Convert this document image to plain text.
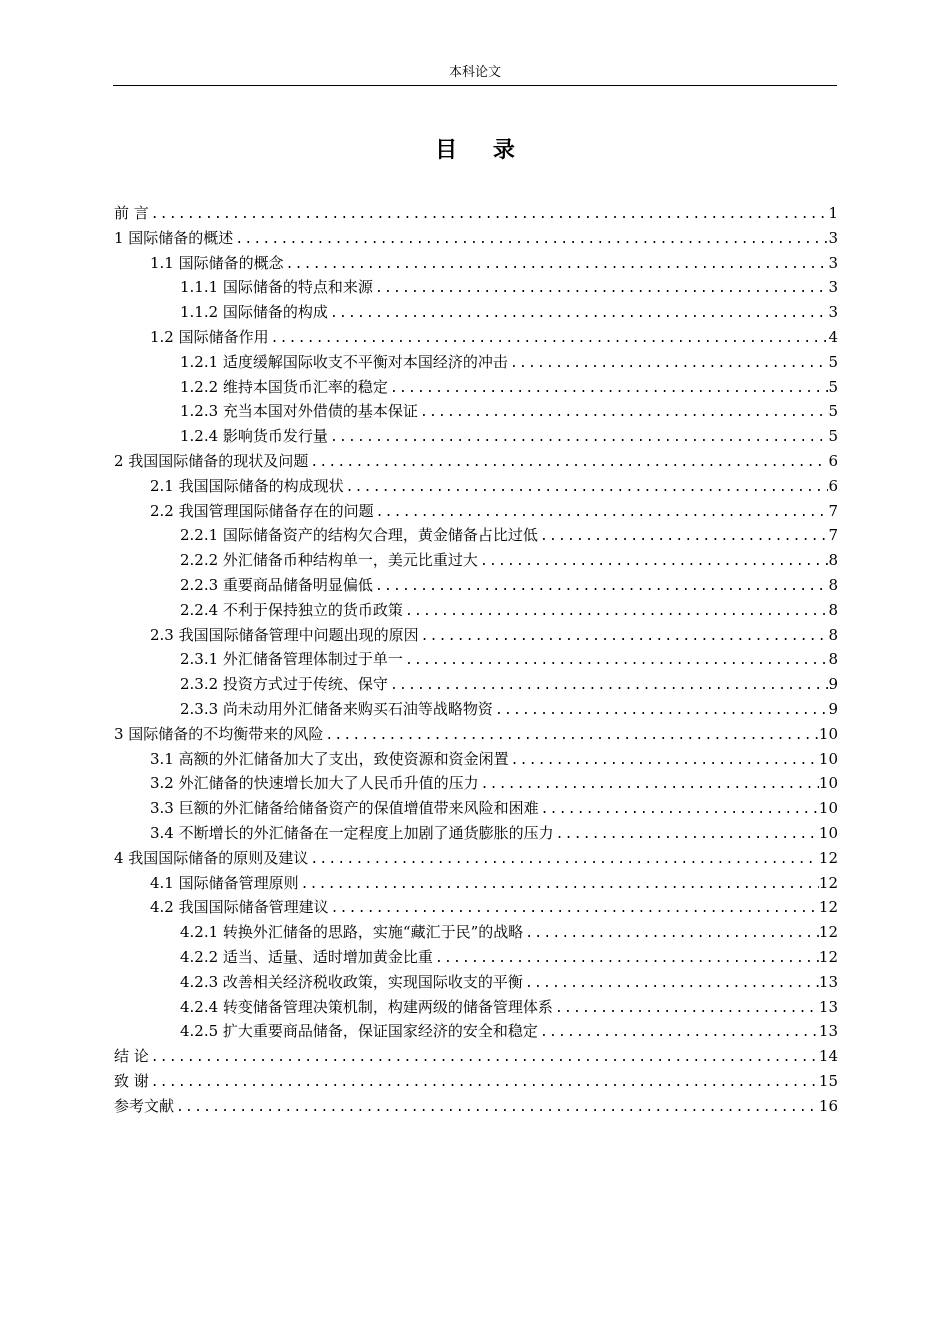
本科论文
目 录
前 言 .....	1
1 国际储备的概述 .....	3
1.1 国际储备的概念 .....	3
1.1.1 国际储备的特点和来源 .....	3
1.1.2 国际储备的构成 .....	3
1.2 国际储备作用 .....	4
1.2.1 适度缓解国际收支不平衡对本国经济的冲击 .....	5
1.2.2 维持本国货币汇率的稳定 .....	5
1.2.3 充当本国对外借债的基本保证 .....	5
1.2.4 影响货币发行量 .....	5
2 我国国际储备的现状及问题 .....	6
2.1 我国国际储备的构成现状 .....	6
2.2 我国管理国际储备存在的问题 .....	7
2.2.1 国际储备资产的结构欠合理，黄金储备占比过低 .....	7
2.2.2 外汇储备币种结构单一，美元比重过大 .....	8
2.2.3 重要商品储备明显偏低 .....	8
2.2.4 不利于保持独立的货币政策 .....	8
2.3 我国国际储备管理中问题出现的原因 .....	8
2.3.1 外汇储备管理体制过于单一 .....	8
2.3.2 投资方式过于传统、保守 .....	9
2.3.3 尚未动用外汇储备来购买石油等战略物资 .....	9
3 国际储备的不均衡带来的风险 .....	10
3.1 高额的外汇储备加大了支出，致使资源和资金闲置 .....	10
3.2 外汇储备的快速增长加大了人民币升值的压力 .....	10
3.3 巨额的外汇储备给储备资产的保值增值带来风险和困难 .....	10
3.4 不断增长的外汇储备在一定程度上加剧了通货膨胀的压力 .....	10
4 我国国际储备的原则及建议 .....	12
4.1 国际储备管理原则 .....	12
4.2 我国国际储备管理建议 .....	12
4.2.1 转换外汇储备的思路，实施“藏汇于民”的战略 .....	12
4.2.2 适当、适量、适时增加黄金比重 .....	12
4.2.3 改善相关经济税收政策，实现国际收支的平衡 .....	13
4.2.4 转变储备管理决策机制，构建两级的储备管理体系 .....	13
4.2.5 扩大重要商品储备，保证国家经济的安全和稳定 .....	13
结 论 .....	14
致 谢 .....	15
参考文献 .....	16
